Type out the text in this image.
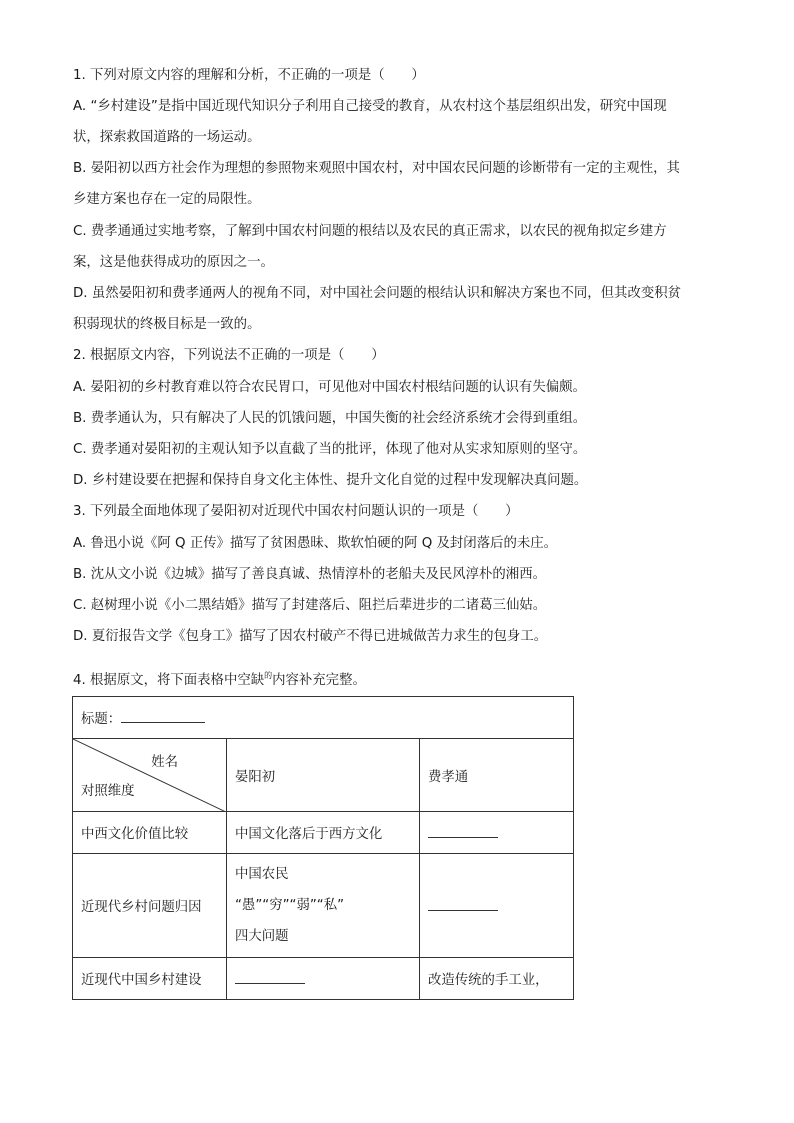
1. 下列对原文内容的理解和分析，不正确的一项是（　　）
A. “乡村建设”是指中国近现代知识分子利用自己接受的教育，从农村这个基层组织出发，研究中国现
状，探索救国道路的一场运动。
B. 晏阳初以西方社会作为理想的参照物来观照中国农村，对中国农民问题的诊断带有一定的主观性，其
乡建方案也存在一定的局限性。
C. 费孝通通过实地考察，了解到中国农村问题的根结以及农民的真正需求，以农民的视角拟定乡建方
案，这是他获得成功的原因之一。
D. 虽然晏阳初和费孝通两人的视角不同，对中国社会问题的根结认识和解决方案也不同，但其改变积贫
积弱现状的终极目标是一致的。
2. 根据原文内容，下列说法不正确的一项是（　　）
A. 晏阳初的乡村教育难以符合农民胃口，可见他对中国农村根结问题的认识有失偏颇。
B. 费孝通认为，只有解决了人民的饥饿问题，中国失衡的社会经济系统才会得到重组。
C. 费孝通对晏阳初的主观认知予以直截了当的批评，体现了他对从实求知原则的坚守。
D. 乡村建设要在把握和保持自身文化主体性、提升文化自觉的过程中发现解决真问题。
3. 下列最全面地体现了晏阳初对近现代中国农村问题认识的一项是（　　）
A. 鲁迅小说《阿 Q 正传》描写了贫困愚昧、欺软怕硬的阿 Q 及封闭落后的未庄。
B. 沈从文小说《边城》描写了善良真诚、热情淳朴的老船夫及民风淳朴的湘西。
C. 赵树理小说《小二黑结婚》描写了封建落后、阻拦后辈进步的二诸葛三仙姑。
D. 夏衍报告文学《包身工》描写了因农村破产不得已进城做苦力求生的包身工。
4. 根据原文，将下面表格中空缺$^的$内容补充完整。
标题：		

姓名
对照维度	晏阳初	费孝通
中西文化价值比较	中国文化落后于西方文化	
近现代乡村问题归因	中国农民
“愚”“穷”“弱”“私”
四大问题	

近现代中国乡村建设		改造传统的手工业，
